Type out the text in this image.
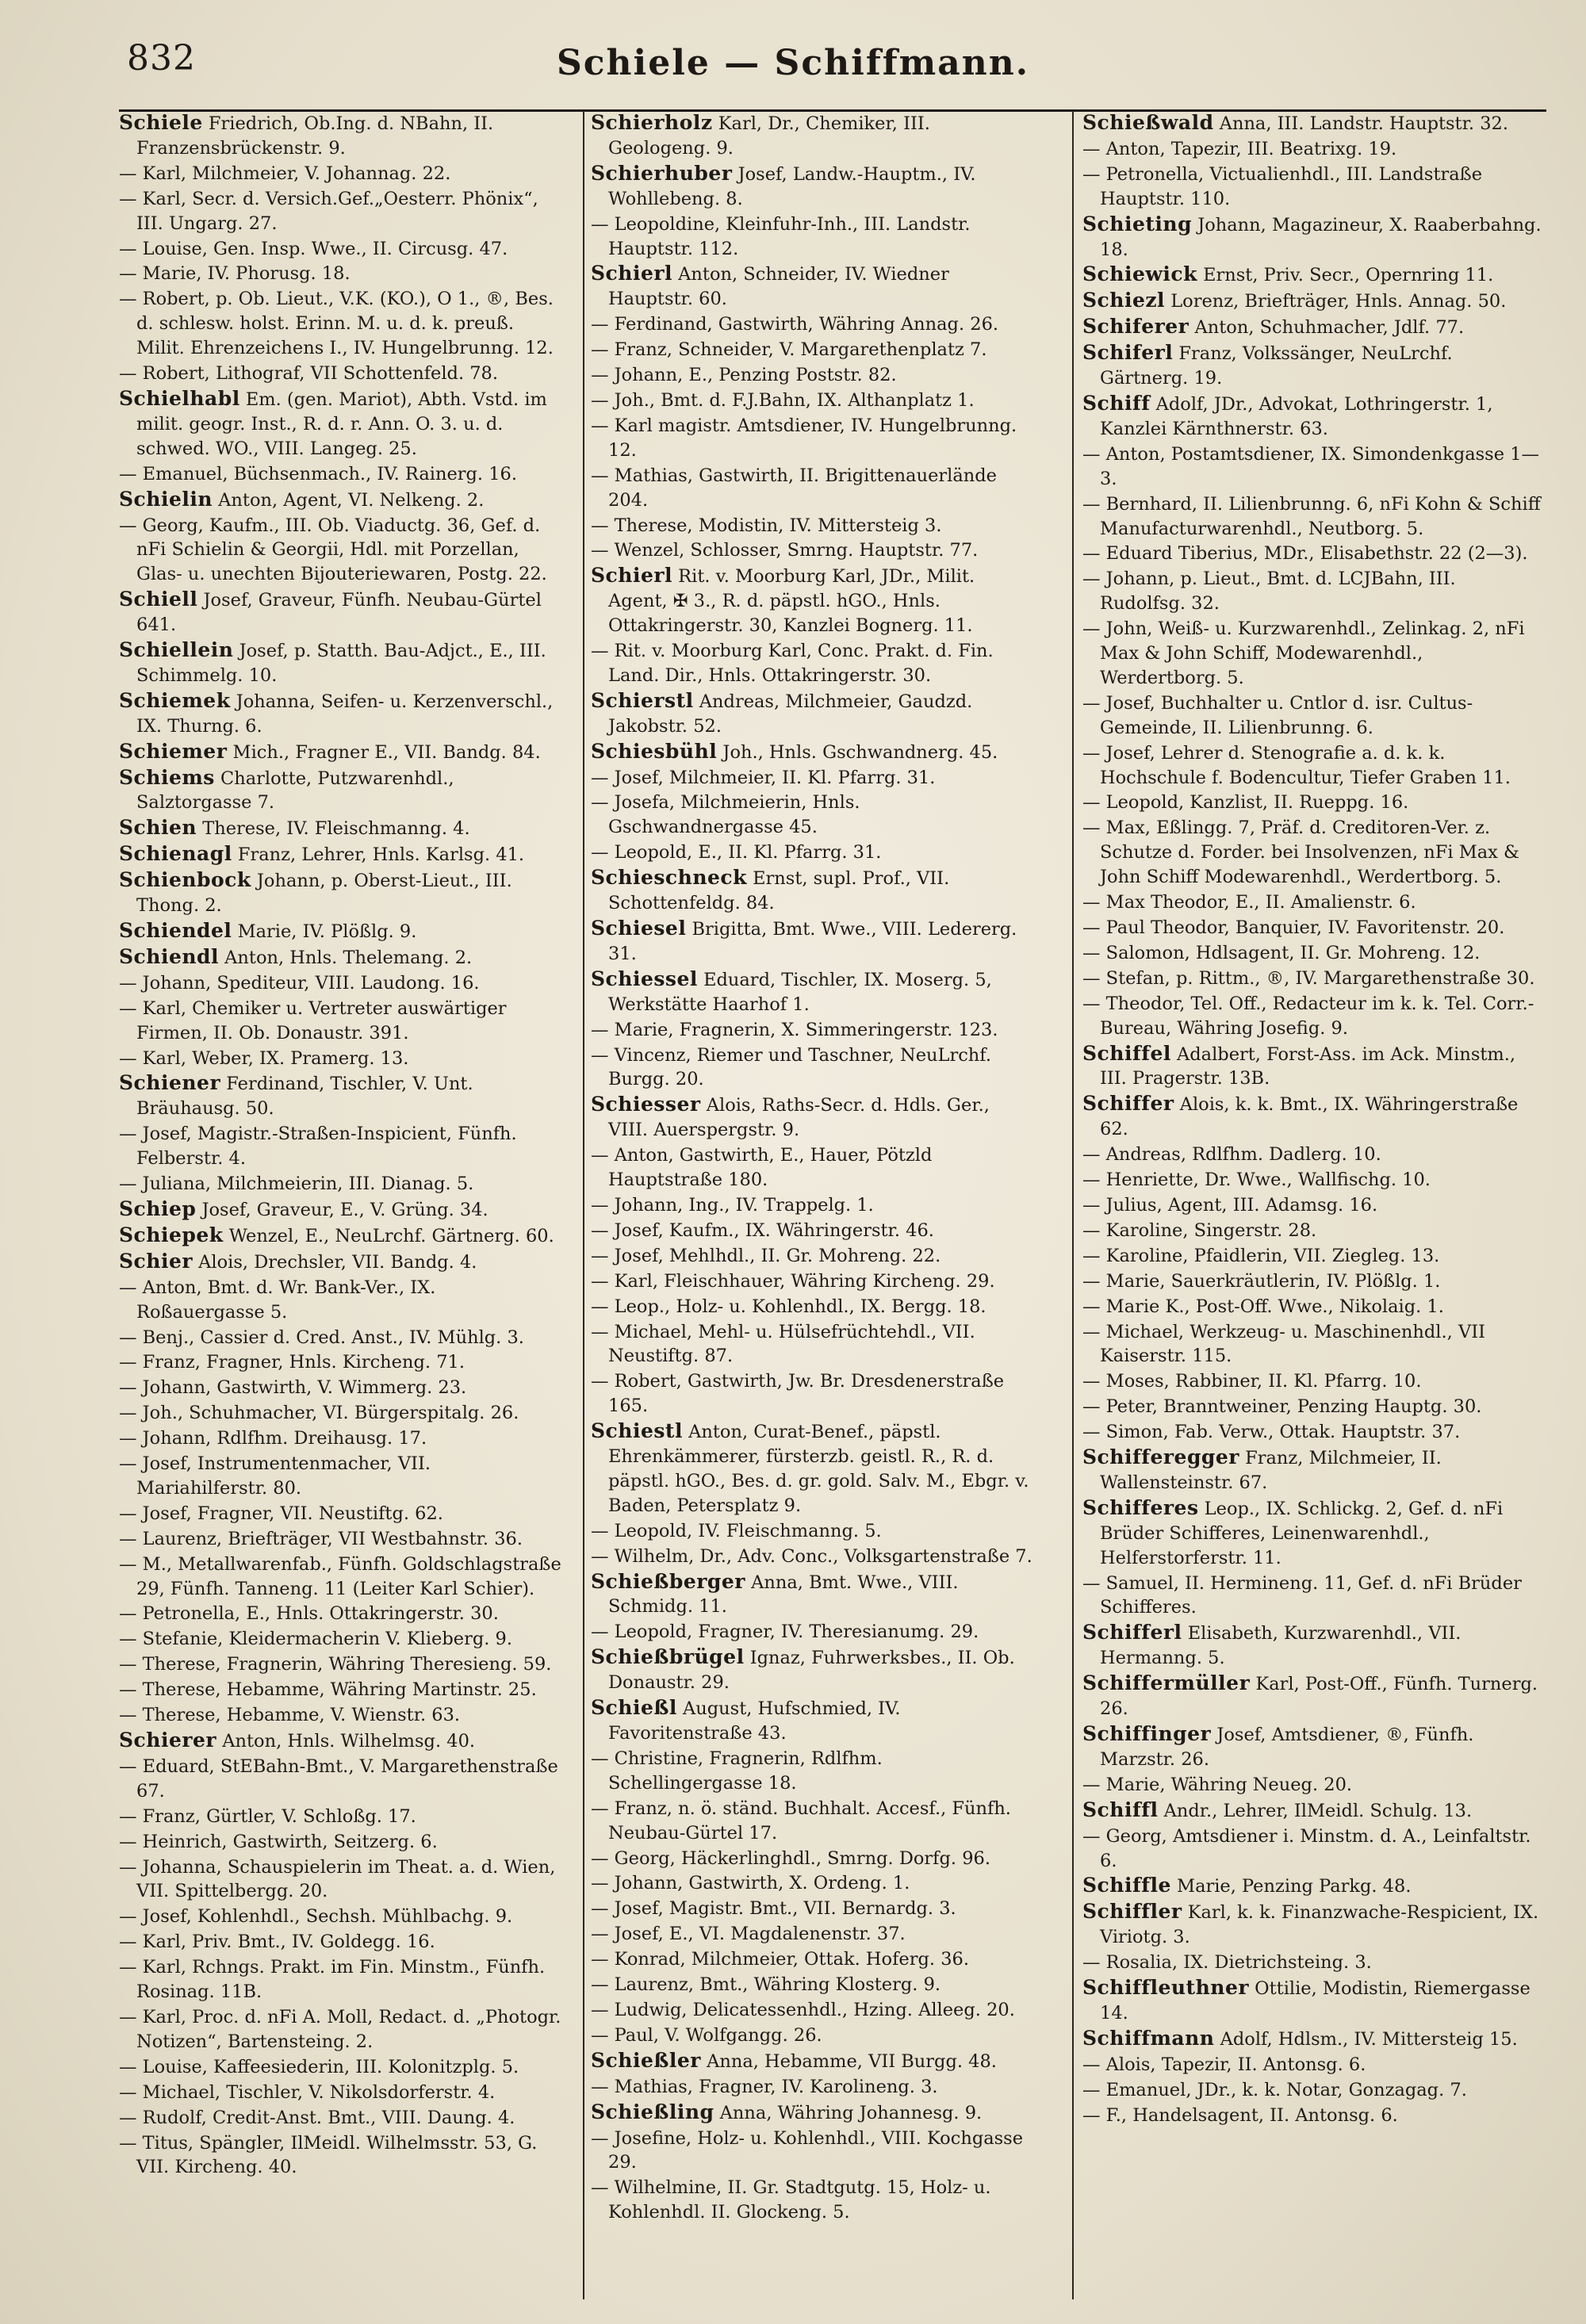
832	Schiele — Schiffmann.
Schiele Friedrich, Ob.Ing. d. NBahn, II. Franzensbrückenstr. 9.
— Karl, Milchmeier, V. Johannag. 22.
— Karl, Secr. d. Versich.Gef.„Oesterr. Phönix“, III. Ungarg. 27.
— Louise, Gen. Insp. Wwe., II. Circusg. 47.
— Marie, IV. Phorusg. 18.
— Robert, p. Ob. Lieut., V.K. (KO.), O 1., ®, Bes. d. schlesw. holst. Erinn. M. u. d. k. preuß. Milit. Ehrenzeichens I., IV. Hungelbrunng. 12.
— Robert, Lithograf, VII Schottenfeld. 78.
Schielhabl Em. (gen. Mariot), Abth. Vstd. im milit. geogr. Inst., R. d. r. Ann. O. 3. u. d. schwed. WO., VIII. Langeg. 25.
— Emanuel, Büchsenmach., IV. Rainerg. 16.
Schielin Anton, Agent, VI. Nelkeng. 2.
— Georg, Kaufm., III. Ob. Viaductg. 36, Gef. d. nFi Schielin & Georgii, Hdl. mit Porzellan, Glas- u. unechten Bijouteriewaren, Postg. 22.
Schiell Josef, Graveur, Fünfh. Neubau-Gürtel 641.
Schiellein Josef, p. Statth. Bau-Adjct., E., III. Schimmelg. 10.
Schiemek Johanna, Seifen- u. Kerzenverschl., IX. Thurng. 6.
Schiemer Mich., Fragner E., VII. Bandg. 84.
Schiems Charlotte, Putzwarenhdl., Salztorgasse 7.
Schien Therese, IV. Fleischmanng. 4.
Schienagl Franz, Lehrer, Hnls. Karlsg. 41.
Schienbock Johann, p. Oberst-Lieut., III. Thong. 2.
Schiendel Marie, IV. Plößlg. 9.
Schiendl Anton, Hnls. Thelemang. 2.
— Johann, Spediteur, VIII. Laudong. 16.
— Karl, Chemiker u. Vertreter auswärtiger Firmen, II. Ob. Donaustr. 391.
— Karl, Weber, IX. Pramerg. 13.
Schiener Ferdinand, Tischler, V. Unt. Bräuhausg. 50.
— Josef, Magistr.-Straßen-Inspicient, Fünfh. Felberstr. 4.
— Juliana, Milchmeierin, III. Dianag. 5.
Schiep Josef, Graveur, E., V. Grüng. 34.
Schiepek Wenzel, E., NeuLrchf. Gärtnerg. 60.
Schier Alois, Drechsler, VII. Bandg. 4.
— Anton, Bmt. d. Wr. Bank-Ver., IX. Roßauergasse 5.
— Benj., Cassier d. Cred. Anst., IV. Mühlg. 3.
— Franz, Fragner, Hnls. Kircheng. 71.
— Johann, Gastwirth, V. Wimmerg. 23.
— Joh., Schuhmacher, VI. Bürgerspitalg. 26.
— Johann, Rdlfhm. Dreihausg. 17.
— Josef, Instrumentenmacher, VII. Mariahilferstr. 80.
— Josef, Fragner, VII. Neustiftg. 62.
— Laurenz, Briefträger, VII Westbahnstr. 36.
— M., Metallwarenfab., Fünfh. Goldschlagstraße 29, Fünfh. Tanneng. 11 (Leiter Karl Schier).
— Petronella, E., Hnls. Ottakringerstr. 30.
— Stefanie, Kleidermacherin V. Klieberg. 9.
— Therese, Fragnerin, Währing Theresieng. 59.
— Therese, Hebamme, Währing Martinstr. 25.
— Therese, Hebamme, V. Wienstr. 63.
Schierer Anton, Hnls. Wilhelmsg. 40.
— Eduard, StEBahn-Bmt., V. Margarethenstraße 67.
— Franz, Gürtler, V. Schloßg. 17.
— Heinrich, Gastwirth, Seitzerg. 6.
— Johanna, Schauspielerin im Theat. a. d. Wien, VII. Spittelbergg. 20.
— Josef, Kohlenhdl., Sechsh. Mühlbachg. 9.
— Karl, Priv. Bmt., IV. Goldegg. 16.
— Karl, Rchngs. Prakt. im Fin. Minstm., Fünfh. Rosinag. 11B.
— Karl, Proc. d. nFi A. Moll, Redact. d. „Photogr. Notizen“, Bartensteing. 2.
— Louise, Kaffeesiederin, III. Kolonitzplg. 5.
— Michael, Tischler, V. Nikolsdorferstr. 4.
— Rudolf, Credit-Anst. Bmt., VIII. Daung. 4.
— Titus, Spängler, IlMeidl. Wilhelmsstr. 53, G. VII. Kircheng. 40.
Schierholz Karl, Dr., Chemiker, III. Geologeng. 9.
Schierhuber Josef, Landw.-Hauptm., IV. Wohllebeng. 8.
— Leopoldine, Kleinfuhr-Inh., III. Landstr. Hauptstr. 112.
Schierl Anton, Schneider, IV. Wiedner Hauptstr. 60.
— Ferdinand, Gastwirth, Währing Annag. 26.
— Franz, Schneider, V. Margarethenplatz 7.
— Johann, E., Penzing Poststr. 82.
— Joh., Bmt. d. F.J.Bahn, IX. Althanplatz 1.
— Karl magistr. Amtsdiener, IV. Hungelbrunng. 12.
— Mathias, Gastwirth, II. Brigittenauerlände 204.
— Therese, Modistin, IV. Mittersteig 3.
— Wenzel, Schlosser, Smrng. Hauptstr. 77.
Schierl Rit. v. Moorburg Karl, JDr., Milit. Agent, ✠ 3., R. d. päpstl. hGO., Hnls. Ottakringerstr. 30, Kanzlei Bognerg. 11.
— Rit. v. Moorburg Karl, Conc. Prakt. d. Fin. Land. Dir., Hnls. Ottakringerstr. 30.
Schierstl Andreas, Milchmeier, Gaudzd. Jakobstr. 52.
Schiesbühl Joh., Hnls. Gschwandnerg. 45.
— Josef, Milchmeier, II. Kl. Pfarrg. 31.
— Josefa, Milchmeierin, Hnls. Gschwandnergasse 45.
— Leopold, E., II. Kl. Pfarrg. 31.
Schieschneck Ernst, supl. Prof., VII. Schottenfeldg. 84.
Schiesel Brigitta, Bmt. Wwe., VIII. Ledererg. 31.
Schiessel Eduard, Tischler, IX. Moserg. 5, Werkstätte Haarhof 1.
— Marie, Fragnerin, X. Simmeringerstr. 123.
— Vincenz, Riemer und Taschner, NeuLrchf. Burgg. 20.
Schiesser Alois, Raths-Secr. d. Hdls. Ger., VIII. Auerspergstr. 9.
— Anton, Gastwirth, E., Hauer, Pötzld Hauptstraße 180.
— Johann, Ing., IV. Trappelg. 1.
— Josef, Kaufm., IX. Währingerstr. 46.
— Josef, Mehlhdl., II. Gr. Mohreng. 22.
— Karl, Fleischhauer, Währing Kircheng. 29.
— Leop., Holz- u. Kohlenhdl., IX. Bergg. 18.
— Michael, Mehl- u. Hülsefrüchtehdl., VII. Neustiftg. 87.
— Robert, Gastwirth, Jw. Br. Dresdenerstraße 165.
Schiestl Anton, Curat-Benef., päpstl. Ehrenkämmerer, fürsterzb. geistl. R., R. d. päpstl. hGO., Bes. d. gr. gold. Salv. M., Ebgr. v. Baden, Petersplatz 9.
— Leopold, IV. Fleischmanng. 5.
— Wilhelm, Dr., Adv. Conc., Volksgartenstraße 7.
Schießberger Anna, Bmt. Wwe., VIII. Schmidg. 11.
— Leopold, Fragner, IV. Theresianumg. 29.
Schießbrügel Ignaz, Fuhrwerksbes., II. Ob. Donaustr. 29.
Schießl August, Hufschmied, IV. Favoritenstraße 43.
— Christine, Fragnerin, Rdlfhm. Schellingergasse 18.
— Franz, n. ö. ständ. Buchhalt. Accesf., Fünfh. Neubau-Gürtel 17.
— Georg, Häckerlinghdl., Smrng. Dorfg. 96.
— Johann, Gastwirth, X. Ordeng. 1.
— Josef, Magistr. Bmt., VII. Bernardg. 3.
— Josef, E., VI. Magdalenenstr. 37.
— Konrad, Milchmeier, Ottak. Hoferg. 36.
— Laurenz, Bmt., Währing Klosterg. 9.
— Ludwig, Delicatessenhdl., Hzing. Alleeg. 20.
— Paul, V. Wolfgangg. 26.
Schießler Anna, Hebamme, VII Burgg. 48.
— Mathias, Fragner, IV. Karolineng. 3.
Schießling Anna, Währing Johannesg. 9.
— Josefine, Holz- u. Kohlenhdl., VIII. Kochgasse 29.
— Wilhelmine, II. Gr. Stadtgutg. 15, Holz- u. Kohlenhdl. II. Glockeng. 5.
Schießwald Anna, III. Landstr. Hauptstr. 32.
— Anton, Tapezir, III. Beatrixg. 19.
— Petronella, Victualienhdl., III. Landstraße Hauptstr. 110.
Schieting Johann, Magazineur, X. Raaberbahng. 18.
Schiewick Ernst, Priv. Secr., Opernring 11.
Schiezl Lorenz, Briefträger, Hnls. Annag. 50.
Schiferer Anton, Schuhmacher, Jdlf. 77.
Schiferl Franz, Volkssänger, NeuLrchf. Gärtnerg. 19.
Schiff Adolf, JDr., Advokat, Lothringerstr. 1, Kanzlei Kärnthnerstr. 63.
— Anton, Postamtsdiener, IX. Simondenkgasse 1—3.
— Bernhard, II. Lilienbrunng. 6, nFi Kohn & Schiff Manufacturwarenhdl., Neutborg. 5.
— Eduard Tiberius, MDr., Elisabethstr. 22 (2—3).
— Johann, p. Lieut., Bmt. d. LCJBahn, III. Rudolfsg. 32.
— John, Weiß- u. Kurzwarenhdl., Zelinkag. 2, nFi Max & John Schiff, Modewarenhdl., Werdertborg. 5.
— Josef, Buchhalter u. Cntlor d. isr. Cultus-Gemeinde, II. Lilienbrunng. 6.
— Josef, Lehrer d. Stenografie a. d. k. k. Hochschule f. Bodencultur, Tiefer Graben 11.
— Leopold, Kanzlist, II. Rueppg. 16.
— Max, Eßlingg. 7, Präf. d. Creditoren-Ver. z. Schutze d. Forder. bei Insolvenzen, nFi Max & John Schiff Modewarenhdl., Werdertborg. 5.
— Max Theodor, E., II. Amalienstr. 6.
— Paul Theodor, Banquier, IV. Favoritenstr. 20.
— Salomon, Hdlsagent, II. Gr. Mohreng. 12.
— Stefan, p. Rittm., ®, IV. Margarethenstraße 30.
— Theodor, Tel. Off., Redacteur im k. k. Tel. Corr.-Bureau, Währing Josefig. 9.
Schiffel Adalbert, Forst-Ass. im Ack. Minstm., III. Pragerstr. 13B.
Schiffer Alois, k. k. Bmt., IX. Währingerstraße 62.
— Andreas, Rdlfhm. Dadlerg. 10.
— Henriette, Dr. Wwe., Wallfischg. 10.
— Julius, Agent, III. Adamsg. 16.
— Karoline, Singerstr. 28.
— Karoline, Pfaidlerin, VII. Ziegleg. 13.
— Marie, Sauerkräutlerin, IV. Plößlg. 1.
— Marie K., Post-Off. Wwe., Nikolaig. 1.
— Michael, Werkzeug- u. Maschinenhdl., VII Kaiserstr. 115.
— Moses, Rabbiner, II. Kl. Pfarrg. 10.
— Peter, Branntweiner, Penzing Hauptg. 30.
— Simon, Fab. Verw., Ottak. Hauptstr. 37.
Schifferegger Franz, Milchmeier, II. Wallensteinstr. 67.
Schifferes Leop., IX. Schlickg. 2, Gef. d. nFi Brüder Schifferes, Leinenwarenhdl., Helferstorferstr. 11.
— Samuel, II. Hermineng. 11, Gef. d. nFi Brüder Schifferes.
Schifferl Elisabeth, Kurzwarenhdl., VII. Hermanng. 5.
Schiffermüller Karl, Post-Off., Fünfh. Turnerg. 26.
Schiffinger Josef, Amtsdiener, ®, Fünfh. Marzstr. 26.
— Marie, Währing Neueg. 20.
Schiffl Andr., Lehrer, IlMeidl. Schulg. 13.
— Georg, Amtsdiener i. Minstm. d. A., Leinfaltstr. 6.
Schiffle Marie, Penzing Parkg. 48.
Schiffler Karl, k. k. Finanzwache-Respicient, IX. Viriotg. 3.
— Rosalia, IX. Dietrichsteing. 3.
Schiffleuthner Ottilie, Modistin, Riemergasse 14.
Schiffmann Adolf, Hdlsm., IV. Mittersteig 15.
— Alois, Tapezir, II. Antonsg. 6.
— Emanuel, JDr., k. k. Notar, Gonzagag. 7.
— F., Handelsagent, II. Antonsg. 6.
